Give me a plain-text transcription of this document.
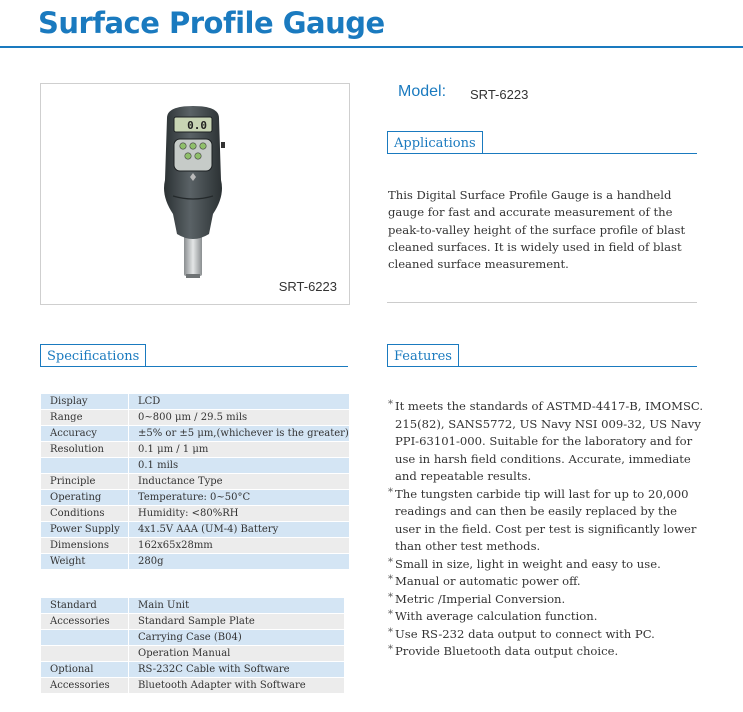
Surface Profile Gauge
0.0
SRT-6223
Model: SRT-6223
Applications
This Digital Surface Profile Gauge is a handheld gauge for fast and accurate measurement of the peak-to-valley height of the surface profile of blast cleaned surfaces. It is widely used in field of blast cleaned surface measurement.
Specifications	Features
Display	LCD
Range	0~800 μm / 29.5 mils
Accuracy	±5% or ±5 μm,(whichever is the greater)
Resolution	0.1 μm / 1 μm
	0.1 mils
Principle	Inductance Type
Operating	Temperature: 0~50°C
Conditions	Humidity: <80%RH
Power Supply	4x1.5V AAA (UM-4) Battery
Dimensions	162x65x28mm
Weight	280g
Standard	Main Unit
Accessories	Standard Sample Plate
	Carrying Case (B04)
	Operation Manual
Optional	RS-232C Cable with Software
Accessories	Bluetooth Adapter with Software
* It meets the standards of ASTMD-4417-B, IMOMSC. 215(82), SANS5772, US Navy NSI 009-32, US Navy PPI-63101-000. Suitable for the laboratory and for use in harsh field conditions. Accurate, immediate and repeatable results.
* The tungsten carbide tip will last for up to 20,000 readings and can then be easily replaced by the user in the field. Cost per test is significantly lower than other test methods.
* Small in size, light in weight and easy to use.
* Manual or automatic power off.
* Metric /Imperial Conversion.
* With average calculation function.
* Use RS-232 data output to connect with PC.
* Provide Bluetooth data output choice.
